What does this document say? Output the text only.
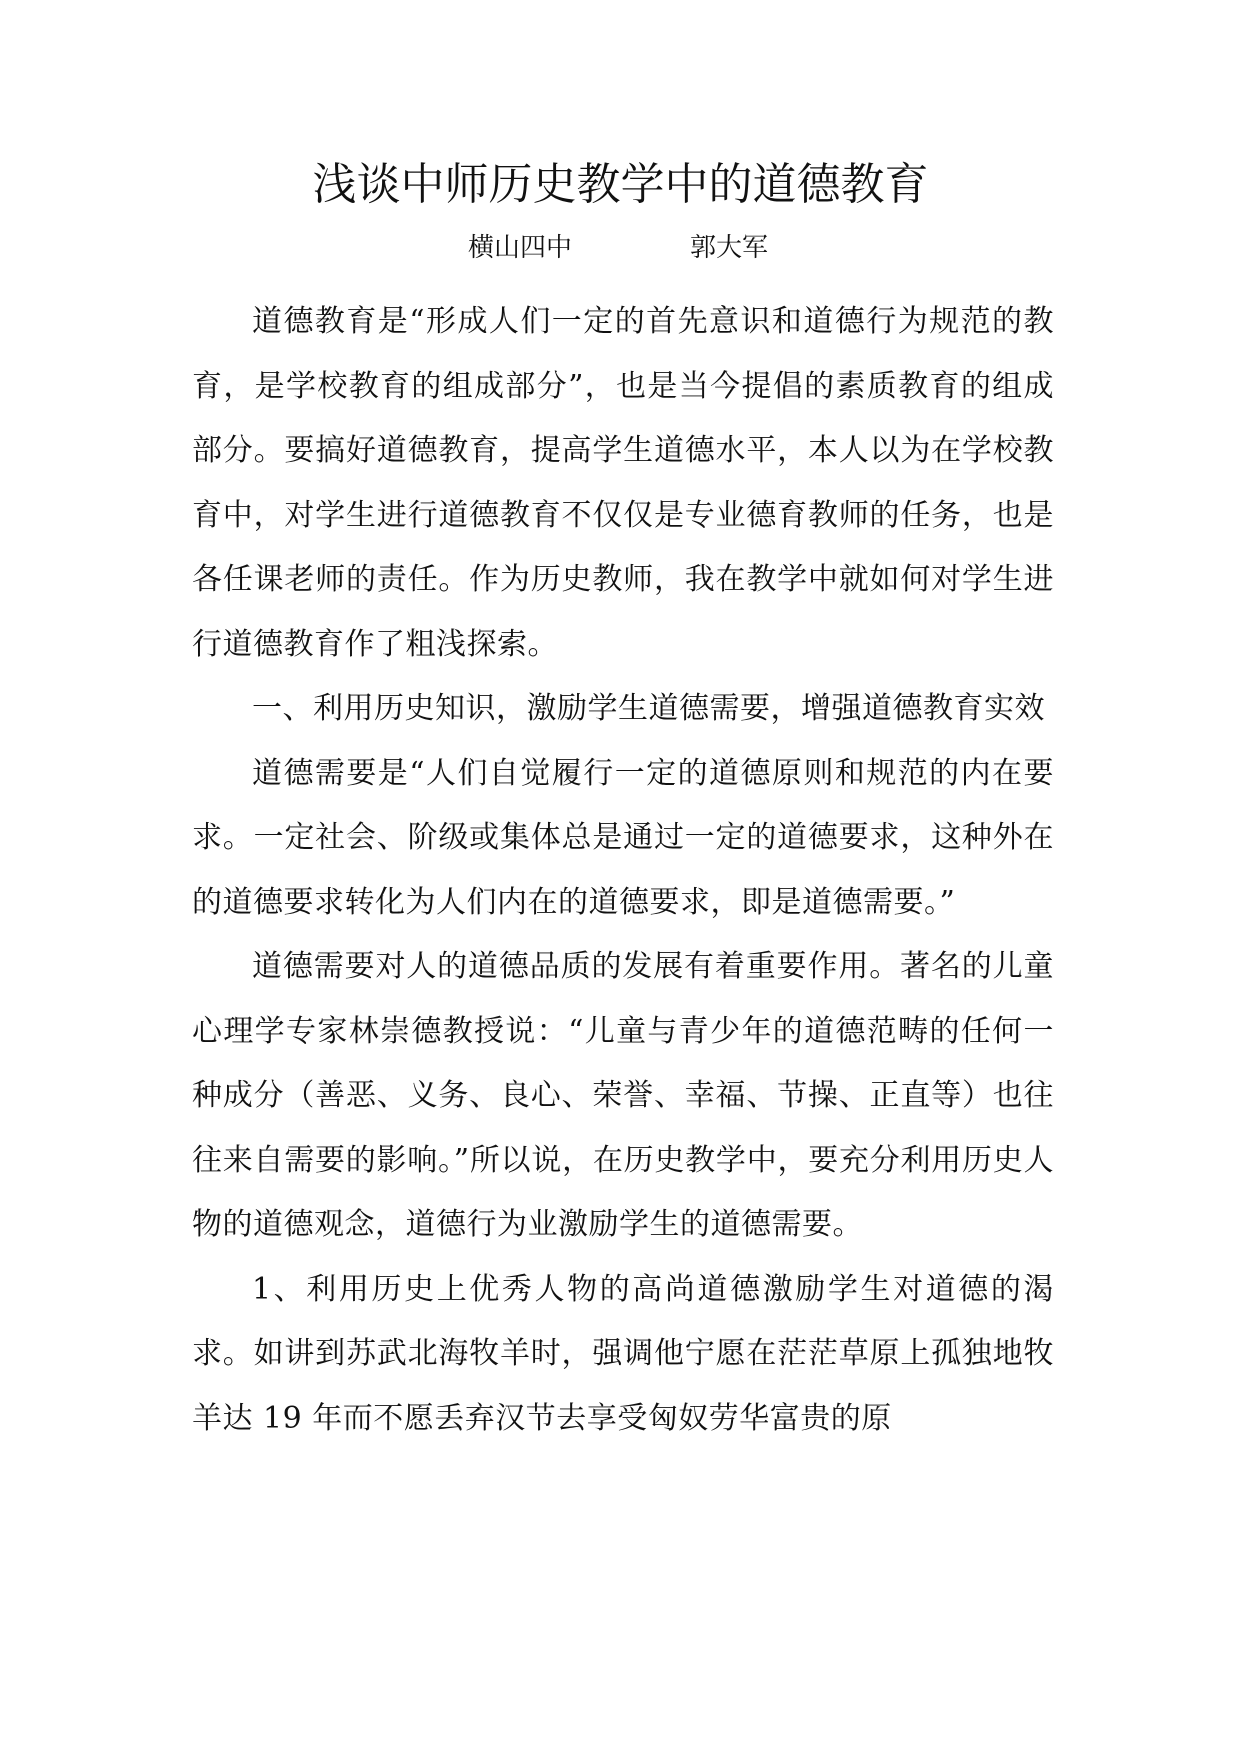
浅谈中师历史教学中的道德教育
横山四中	郭大军

道德教育是“形成人们一定的首先意识和道德行为规范的教育，是学校教育的组成部分”，也是当今提倡的素质教育的组成部分。要搞好道德教育，提高学生道德水平，本人以为在学校教育中，对学生进行道德教育不仅仅是专业德育教师的任务，也是各任课老师的责任。作为历史教师，我在教学中就如何对学生进行道德教育作了粗浅探索。

一、利用历史知识，激励学生道德需要，增强道德教育实效

道德需要是“人们自觉履行一定的道德原则和规范的内在要求。一定社会、阶级或集体总是通过一定的道德要求，这种外在的道德要求转化为人们内在的道德要求，即是道德需要。”

道德需要对人的道德品质的发展有着重要作用。著名的儿童心理学专家林崇德教授说：“儿童与青少年的道德范畴的任何一种成分（善恶、义务、良心、荣誉、幸福、节操、正直等）也往往来自需要的影响。”所以说，在历史教学中，要充分利用历史人物的道德观念，道德行为业激励学生的道德需要。

1、利用历史上优秀人物的高尚道德激励学生对道德的渴求。如讲到苏武北海牧羊时，强调他宁愿在茫茫草原上孤独地牧羊达 19 年而不愿丢弃汉节去享受匈奴劳华富贵的原
